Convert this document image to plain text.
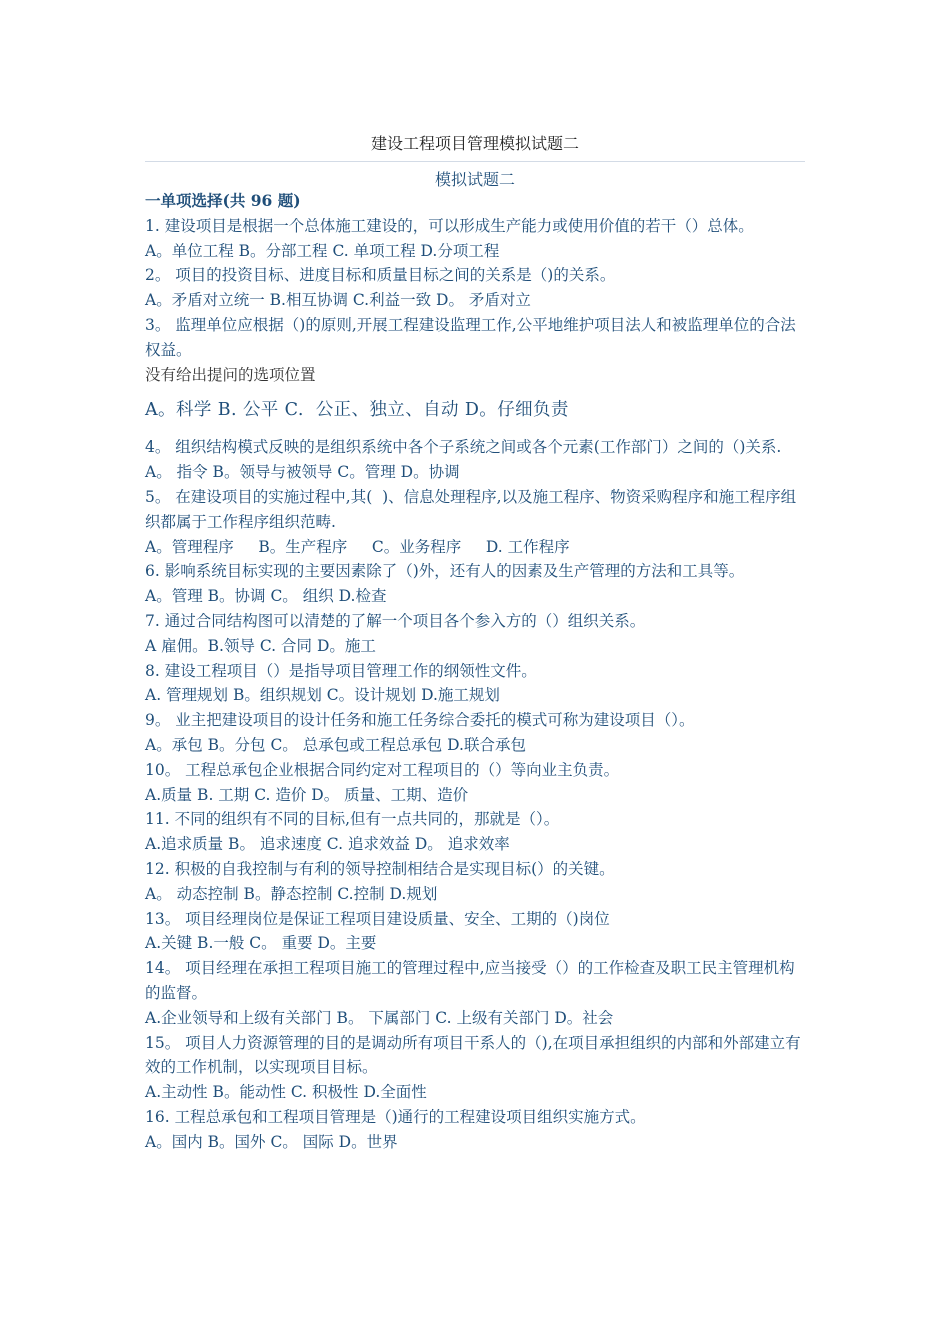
建设工程项目管理模拟试题二
模拟试题二

一单项选择(共 96 题)

1. 建设项目是根据一个总体施工建设的，可以形成生产能力或使用价值的若干（）总体。

A。单位工程 B。分部工程 C. 单项工程 D.分项工程

2。 项目的投资目标、进度目标和质量目标之间的关系是（)的关系。

A。矛盾对立统一 B.相互协调 C.利益一致 D。 矛盾对立

3。 监理单位应根据（)的原则,开展工程建设监理工作,公平地维护项目法人和被监理单位的合法权益。

没有给出提问的选项位置

A。科学 B. 公平 C.  公正、独立、自动 D。仔细负责

4。 组织结构模式反映的是组织系统中各个子系统之间或各个元素(工作部门）之间的（)关系.

A。 指令 B。领导与被领导 C。管理 D。协调

5。 在建设项目的实施过程中,其(  )、信息处理程序,以及施工程序、物资采购程序和施工程序组织都属于工作程序组织范畴.

A。管理程序     B。生产程序     C。业务程序     D. 工作程序

6. 影响系统目标实现的主要因素除了（)外，还有人的因素及生产管理的方法和工具等。

A。管理 B。协调 C。 组织 D.检查

7. 通过合同结构图可以清楚的了解一个项目各个参入方的（）组织关系。

A 雇佣。B.领导 C. 合同 D。施工

8. 建设工程项目（）是指导项目管理工作的纲领性文件。

A. 管理规划 B。组织规划 C。设计规划 D.施工规划

9。 业主把建设项目的设计任务和施工任务综合委托的模式可称为建设项目（）。

A。承包 B。分包 C。 总承包或工程总承包 D.联合承包

10。 工程总承包企业根据合同约定对工程项目的（）等向业主负责。

A.质量 B. 工期 C. 造价 D。 质量、工期、造价

11. 不同的组织有不同的目标,但有一点共同的，那就是（）。

A.追求质量 B。 追求速度 C. 追求效益 D。 追求效率

12. 积极的自我控制与有利的领导控制相结合是实现目标(）的关键。

A。 动态控制 B。静态控制 C.控制 D.规划

13。 项目经理岗位是保证工程项目建设质量、安全、工期的（)岗位

A.关键 B.一般 C。 重要 D。主要

14。 项目经理在承担工程项目施工的管理过程中,应当接受（）的工作检查及职工民主管理机构的监督。

A.企业领导和上级有关部门 B。 下属部门 C. 上级有关部门 D。社会

15。 项目人力资源管理的目的是调动所有项目干系人的（),在项目承担组织的内部和外部建立有效的工作机制，以实现项目目标。

A.主动性 B。能动性 C. 积极性 D.全面性

16. 工程总承包和工程项目管理是（)通行的工程建设项目组织实施方式。

A。国内 B。国外 C。 国际 D。世界
